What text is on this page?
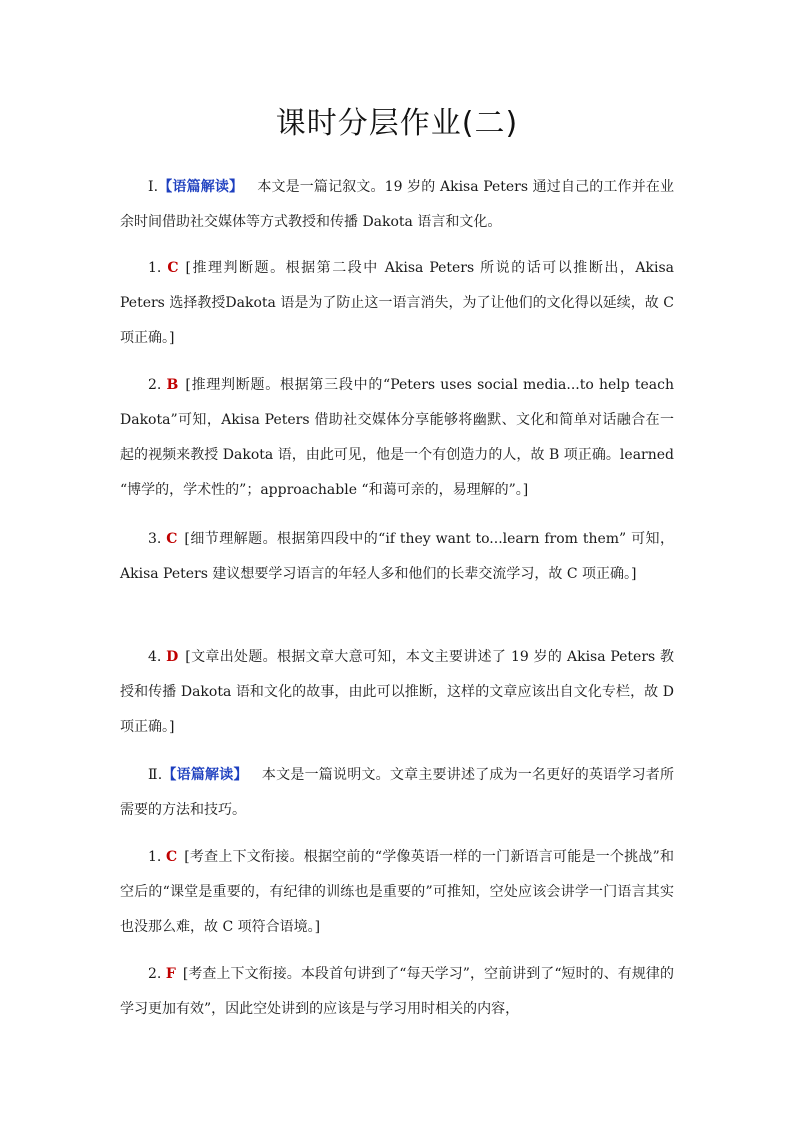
课时分层作业(二)

Ⅰ.【语篇解读】  本文是一篇记叙文。19 岁的 Akisa Peters 通过自己的工作并在业余时间借助社交媒体等方式教授和传播 Dakota 语言和文化。

1. C  [推理判断题。根据第二段中 Akisa Peters 所说的话可以推断出，Akisa Peters 选择教授Dakota 语是为了防止这一语言消失，为了让他们的文化得以延续，故 C 项正确。]

2. B  [推理判断题。根据第三段中的“Peters uses social media...to help teach Dakota”可知，Akisa Peters 借助社交媒体分享能够将幽默、文化和简单对话融合在一起的视频来教授 Dakota 语，由此可见，他是一个有创造力的人，故 B 项正确。learned “博学的，学术性的”；approachable “和蔼可亲的，易理解的”。]

3. C  [细节理解题。根据第四段中的“if they want to...learn from them” 可知，Akisa Peters 建议想要学习语言的年轻人多和他们的长辈交流学习，故 C 项正确。]

4. D  [文章出处题。根据文章大意可知，本文主要讲述了 19 岁的 Akisa Peters 教授和传播 Dakota 语和文化的故事，由此可以推断，这样的文章应该出自文化专栏，故 D 项正确。]

Ⅱ.【语篇解读】  本文是一篇说明文。文章主要讲述了成为一名更好的英语学习者所需要的方法和技巧。

1. C  [考查上下文衔接。根据空前的“学像英语一样的一门新语言可能是一个挑战”和空后的“课堂是重要的，有纪律的训练也是重要的”可推知，空处应该会讲学一门语言其实也没那么难，故 C 项符合语境。]

2. F  [考查上下文衔接。本段首句讲到了“每天学习”，空前讲到了“短时的、有规律的学习更加有效”，因此空处讲到的应该是与学习用时相关的内容，
